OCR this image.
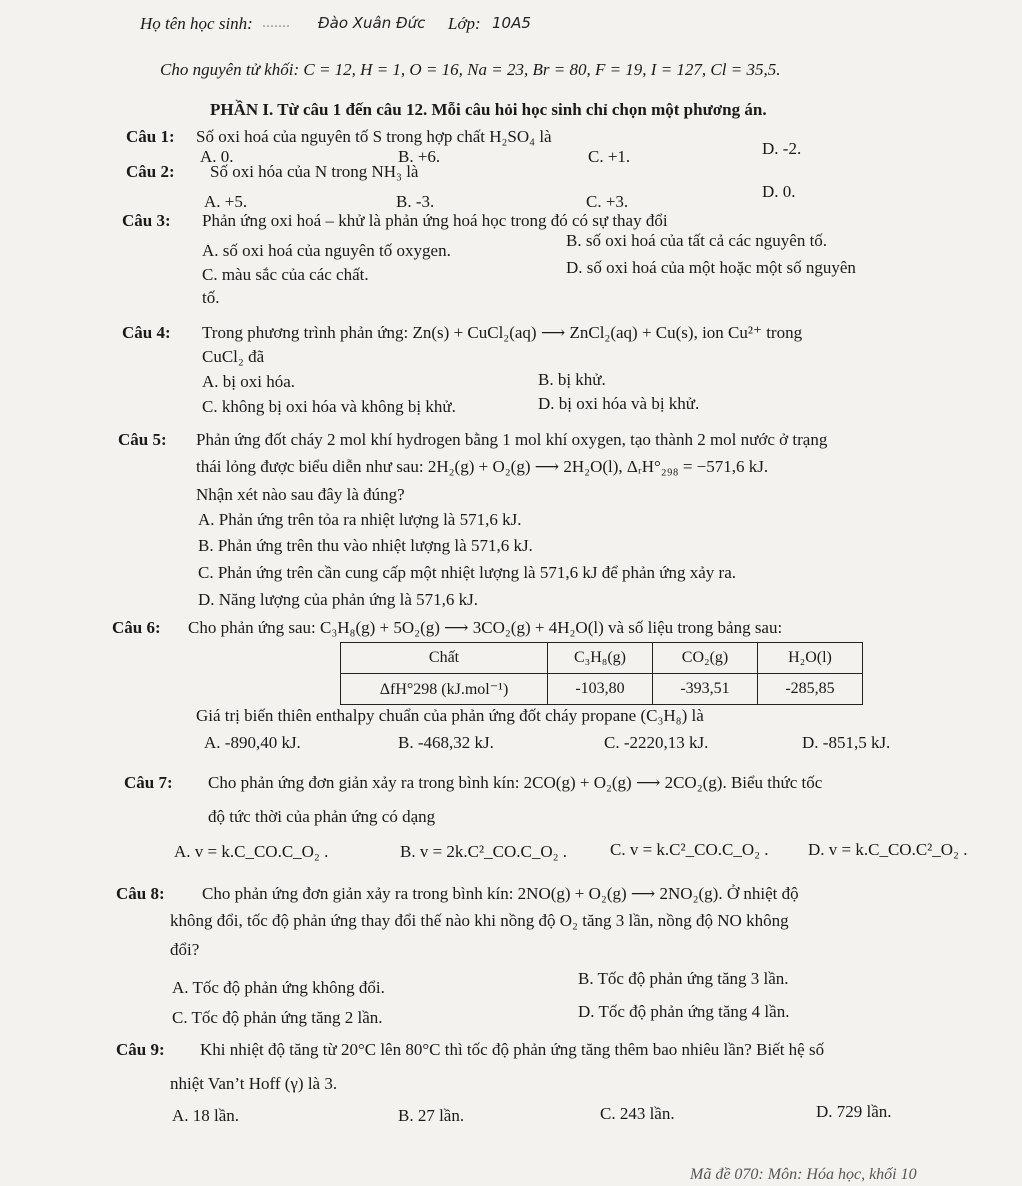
Họ tên học sinh: ....... Đào Xuân Đức Lớp: 10A5
Cho nguyên tử khối: C = 12, H = 1, O = 16, Na = 23, Br = 80, F = 19, I = 127, Cl = 35,5.
PHẦN I. Từ câu 1 đến câu 12. Mỗi câu hỏi học sinh chỉ chọn một phương án.
Câu 1: Số oxi hoá của nguyên tố S trong hợp chất H₂SO₄ là
A. 0.	B. +6.	C. +1.	D. -2.
Câu 2: Số oxi hóa của N trong NH₃ là
A. +5.	B. -3.	C. +3.
D. 0.
Câu 3: Phản ứng oxi hoá – khử là phản ứng hoá học trong đó có sự thay đổi
A. số oxi hoá của nguyên tố oxygen.
B. số oxi hoá của tất cả các nguyên tố.
C. màu sắc của các chất.	D. số oxi hoá của một hoặc một số nguyên
tố.
Câu 4: Trong phương trình phản ứng: Zn(s) + CuCl₂(aq) ⟶ ZnCl₂(aq) + Cu(s), ion Cu²⁺ trong
CuCl₂ đã
A. bị oxi hóa.	B. bị khử.
C. không bị oxi hóa và không bị khử.	D. bị oxi hóa và bị khử.
Câu 5: Phản ứng đốt cháy 2 mol khí hydrogen bằng 1 mol khí oxygen, tạo thành 2 mol nước ở trạng
thái lỏng được biểu diễn như sau: 2H₂(g) + O₂(g) ⟶ 2H₂O(l), ΔᵣH°₂₉₈ = −571,6 kJ.
Nhận xét nào sau đây là đúng?
A. Phản ứng trên tỏa ra nhiệt lượng là 571,6 kJ.
B. Phản ứng trên thu vào nhiệt lượng là 571,6 kJ.
C. Phản ứng trên cần cung cấp một nhiệt lượng là 571,6 kJ để phản ứng xảy ra.
D. Năng lượng của phản ứng là 571,6 kJ.
Câu 6: Cho phản ứng sau: C₃H₈(g) + 5O₂(g) ⟶ 3CO₂(g) + 4H₂O(l) và số liệu trong bảng sau:
Chất	C₃H₈(g)	CO₂(g)	H₂O(l)
ΔfH°298 (kJ.mol⁻¹)	-103,80	-393,51	-285,85
Giá trị biến thiên enthalpy chuẩn của phản ứng đốt cháy propane (C₃H₈) là
A. -890,40 kJ.	B. -468,32 kJ.	C. -2220,13 kJ.	D. -851,5 kJ.
Câu 7: Cho phản ứng đơn giản xảy ra trong bình kín: 2CO(g) + O₂(g) ⟶ 2CO₂(g). Biểu thức tốc
độ tức thời của phản ứng có dạng
A. v = k.C_CO.C_O₂ .	B. v = 2k.C²_CO.C_O₂ .	C. v = k.C²_CO.C_O₂ . D. v = k.C_CO.C²_O₂ .
Câu 8: Cho phản ứng đơn giản xảy ra trong bình kín: 2NO(g) + O₂(g) ⟶ 2NO₂(g). Ở nhiệt độ
không đổi, tốc độ phản ứng thay đổi thế nào khi nồng độ O₂ tăng 3 lần, nồng độ NO không
đổi?
A. Tốc độ phản ứng không đổi.	B. Tốc độ phản ứng tăng 3 lần.
C. Tốc độ phản ứng tăng 2 lần.	D. Tốc độ phản ứng tăng 4 lần.
Câu 9: Khi nhiệt độ tăng từ 20°C lên 80°C thì tốc độ phản ứng tăng thêm bao nhiêu lần? Biết hệ số
nhiệt Van’t Hoff (γ) là 3.
A. 18 lần.	B. 27 lần.	C. 243 lần.	D. 729 lần.
Mã đề 070: Môn: Hóa học, khối 10
